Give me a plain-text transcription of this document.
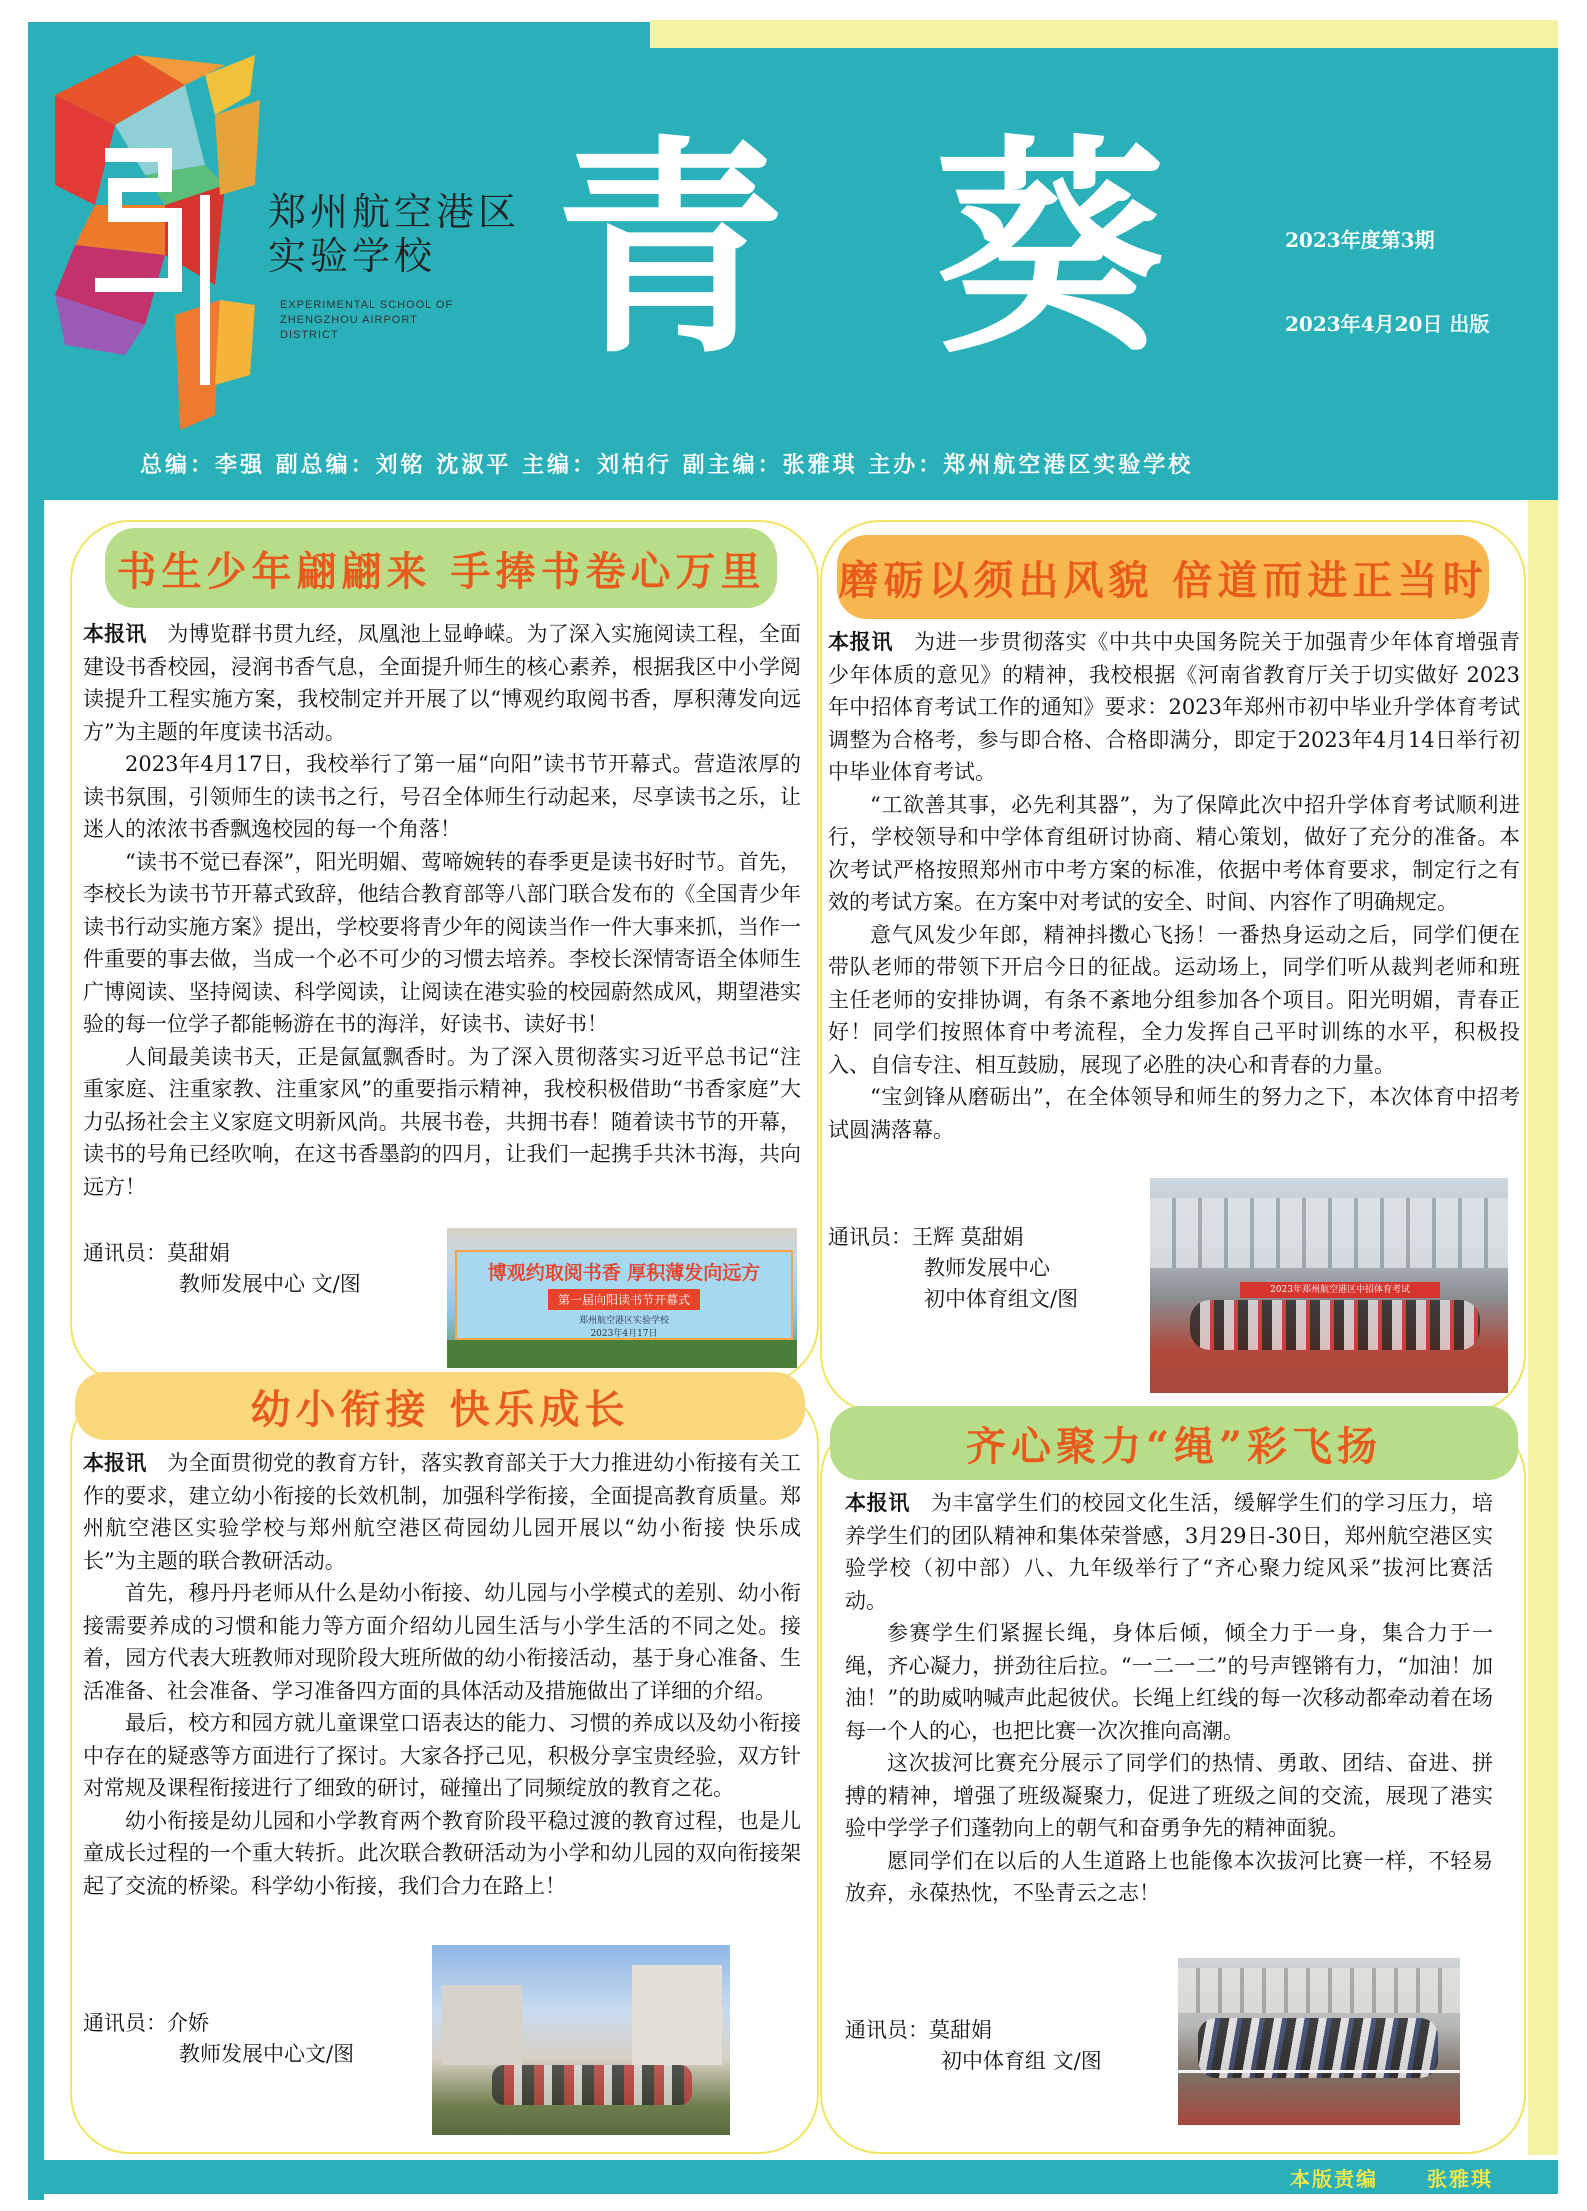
郑州航空港区实验学校
EXPERIMENTAL SCHOOL OF ZHENGZHOU AIRPORT DISTRICT 青葵
2023年度第3期
2023年4月20日 出版
总编：李强 副总编：刘铭 沈淑平 主编：刘柏行 副主编：张雅琪 主办：郑州航空港区实验学校
书生少年翩翩来 手捧书卷心万里

本报讯 为博览群书贯九经，凤凰池上显峥嵘。为了深入实施阅读工程，全面建设书香校园，浸润书香气息，全面提升师生的核心素养，根据我区中小学阅读提升工程实施方案，我校制定并开展了以“博观约取阅书香，厚积薄发向远方”为主题的年度读书活动。

2023年4月17日，我校举行了第一届“向阳”读书节开幕式。营造浓厚的读书氛围，引领师生的读书之行，号召全体师生行动起来，尽享读书之乐，让迷人的浓浓书香飘逸校园的每一个角落！

“读书不觉已春深”，阳光明媚、莺啼婉转的春季更是读书好时节。首先，李校长为读书节开幕式致辞，他结合教育部等八部门联合发布的《全国青少年读书行动实施方案》提出，学校要将青少年的阅读当作一件大事来抓，当作一件重要的事去做，当成一个必不可少的习惯去培养。李校长深情寄语全体师生广博阅读、坚持阅读、科学阅读，让阅读在港实验的校园蔚然成风，期望港实验的每一位学子都能畅游在书的海洋，好读书、读好书！

人间最美读书天，正是氤氲飘香时。为了深入贯彻落实习近平总书记“注重家庭、注重家教、注重家风”的重要指示精神，我校积极借助“书香家庭”大力弘扬社会主义家庭文明新风尚。共展书卷，共拥书春！随着读书节的开幕，读书的号角已经吹响，在这书香墨韵的四月，让我们一起携手共沐书海，共向远方！

通讯员：莫甜娟
教师发展中心 文/图	博观约取阅书香 厚积薄发向远方
第一届向阳读书节开幕式
郑州航空港区实验学校
2023年4月17日
磨砺以须出风貌 倍道而进正当时

本报讯 为进一步贯彻落实《中共中央国务院关于加强青少年体育增强青少年体质的意见》的精神，我校根据《河南省教育厅关于切实做好 2023 年中招体育考试工作的通知》要求：2023年郑州市初中毕业升学体育考试调整为合格考，参与即合格、合格即满分，即定于2023年4月14日举行初中毕业体育考试。

“工欲善其事，必先利其器”，为了保障此次中招升学体育考试顺利进行，学校领导和中学体育组研讨协商、精心策划，做好了充分的准备。本次考试严格按照郑州市中考方案的标准，依据中考体育要求，制定行之有效的考试方案。在方案中对考试的安全、时间、内容作了明确规定。

意气风发少年郎，精神抖擞心飞扬！一番热身运动之后，同学们便在带队老师的带领下开启今日的征战。运动场上，同学们听从裁判老师和班主任老师的安排协调，有条不紊地分组参加各个项目。阳光明媚，青春正好！同学们按照体育中考流程，全力发挥自己平时训练的水平，积极投入、自信专注、相互鼓励，展现了必胜的决心和青春的力量。

“宝剑锋从磨砺出”，在全体领导和师生的努力之下，本次体育中招考试圆满落幕。

通讯员：王辉 莫甜娟
教师发展中心
初中体育组文/图	2023年郑州航空港区中招体育考试
幼小衔接 快乐成长

本报讯 为全面贯彻党的教育方针，落实教育部关于大力推进幼小衔接有关工作的要求，建立幼小衔接的长效机制，加强科学衔接，全面提高教育质量。郑州航空港区实验学校与郑州航空港区荷园幼儿园开展以“幼小衔接 快乐成长”为主题的联合教研活动。

首先，穆丹丹老师从什么是幼小衔接、幼儿园与小学模式的差别、幼小衔接需要养成的习惯和能力等方面介绍幼儿园生活与小学生活的不同之处。接着，园方代表大班教师对现阶段大班所做的幼小衔接活动，基于身心准备、生活准备、社会准备、学习准备四方面的具体活动及措施做出了详细的介绍。

最后，校方和园方就儿童课堂口语表达的能力、习惯的养成以及幼小衔接中存在的疑惑等方面进行了探讨。大家各抒己见，积极分享宝贵经验，双方针对常规及课程衔接进行了细致的研讨，碰撞出了同频绽放的教育之花。

幼小衔接是幼儿园和小学教育两个教育阶段平稳过渡的教育过程，也是儿童成长过程的一个重大转折。此次联合教研活动为小学和幼儿园的双向衔接架起了交流的桥梁。科学幼小衔接，我们合力在路上！

通讯员：介娇
教师发展中心文/图
齐心聚力“绳”彩飞扬

本报讯 为丰富学生们的校园文化生活，缓解学生们的学习压力，培养学生们的团队精神和集体荣誉感，3月29日-30日，郑州航空港区实验学校（初中部）八、九年级举行了“齐心聚力绽风采”拔河比赛活动。

参赛学生们紧握长绳，身体后倾，倾全力于一身，集合力于一绳，齐心凝力，拼劲往后拉。“一二一二”的号声铿锵有力，“加油！加油！”的助威呐喊声此起彼伏。长绳上红线的每一次移动都牵动着在场每一个人的心，也把比赛一次次推向高潮。

这次拔河比赛充分展示了同学们的热情、勇敢、团结、奋进、拼搏的精神，增强了班级凝聚力，促进了班级之间的交流，展现了港实验中学学子们蓬勃向上的朝气和奋勇争先的精神面貌。

愿同学们在以后的人生道路上也能像本次拔河比赛一样，不轻易放弃，永葆热忱，不坠青云之志！

通讯员：莫甜娟
初中体育组 文/图
本版责编 张雅琪
